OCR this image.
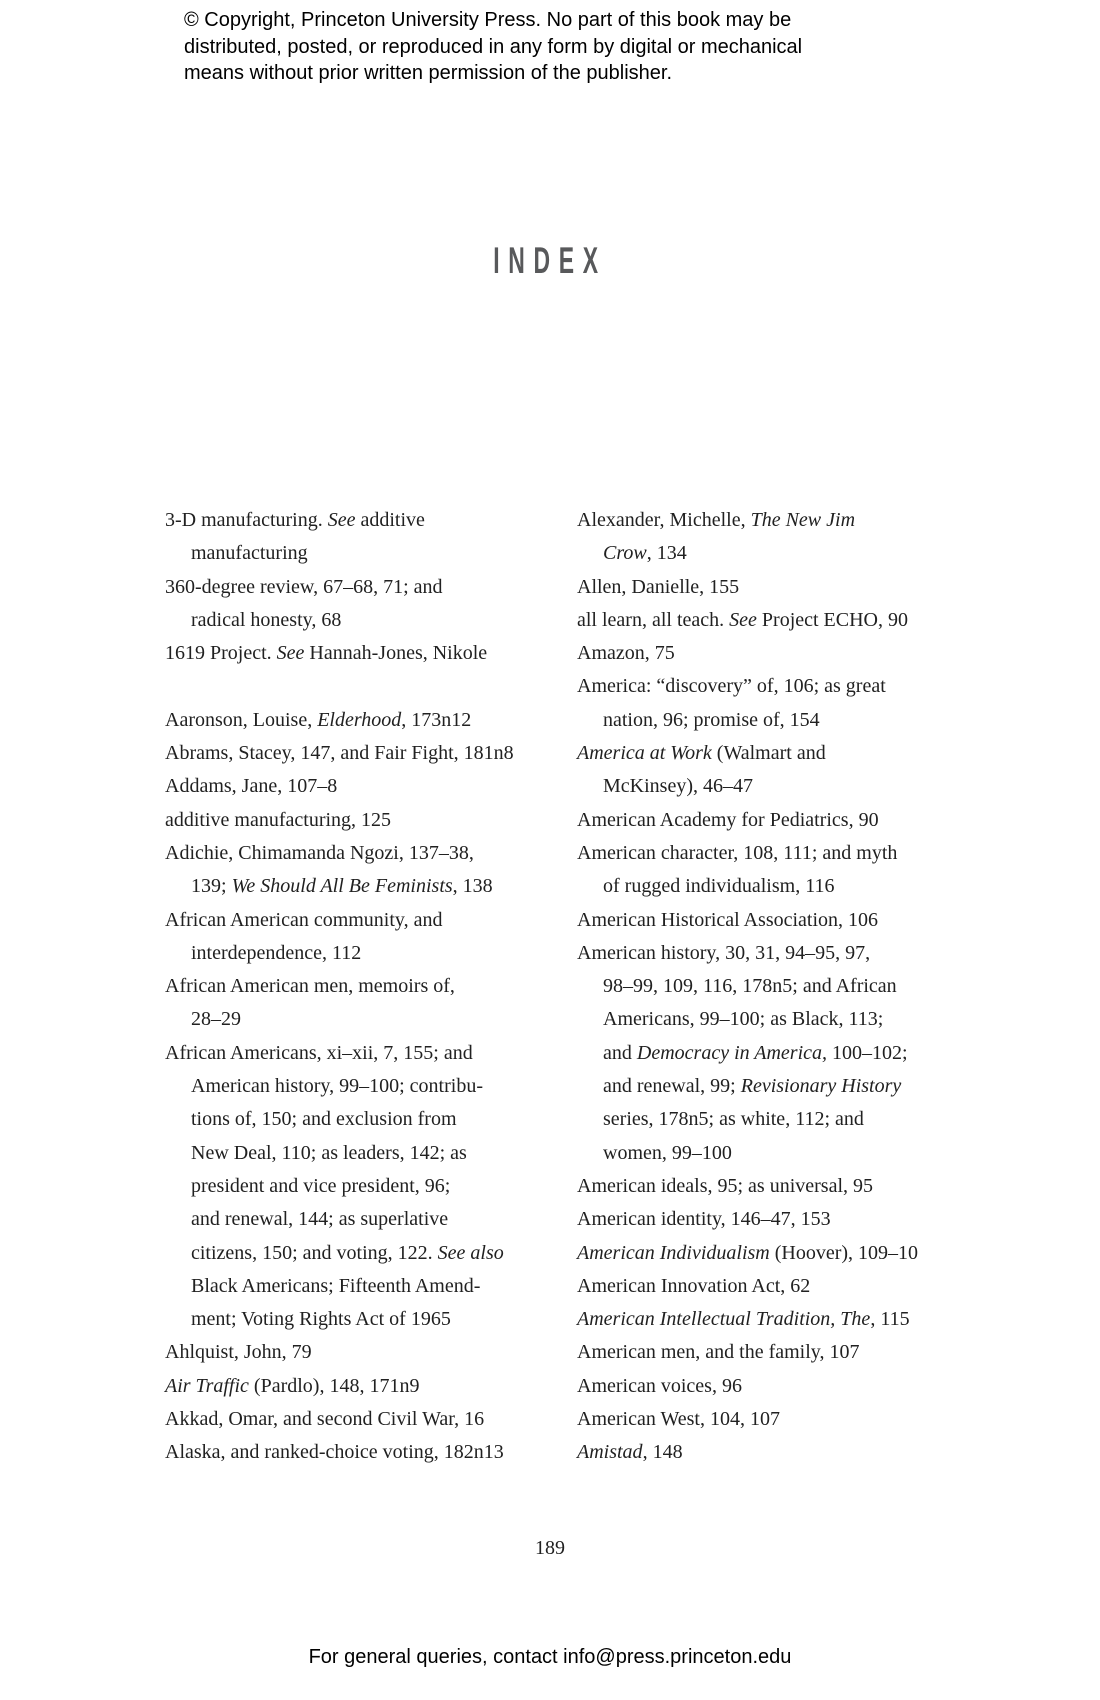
© Copyright, Princeton University Press. No part of this book may be
distributed, posted, or reproduced in any form by digital or mechanical
means without prior written permission of the publisher.
INDEX
3-D manufacturing. See additive
manufacturing
360-degree review, 67–68, 71; and
radical honesty, 68
1619 Project. See Hannah-Jones, Nikole

Aaronson, Louise, Elderhood, 173n12
Abrams, Stacey, 147, and Fair Fight, 181n8
Addams, Jane, 107–8
additive manufacturing, 125
Adichie, Chimamanda Ngozi, 137–38,
139; We Should All Be Feminists, 138
African American community, and
interdependence, 112
African American men, memoirs of,
28–29
African Americans, xi–xii, 7, 155; and
American history, 99–100; contribu-
tions of, 150; and exclusion from
New Deal, 110; as leaders, 142; as
president and vice president, 96;
and renewal, 144; as superlative
citizens, 150; and voting, 122. See also
Black Americans; Fifteenth Amend-
ment; Voting Rights Act of 1965
Ahlquist, John, 79
Air Traffic (Pardlo), 148, 171n9
Akkad, Omar, and second Civil War, 16
Alaska, and ranked-choice voting, 182n13
Alexander, Michelle, The New Jim
Crow, 134
Allen, Danielle, 155
all learn, all teach. See Project ECHO, 90
Amazon, 75
America: “discovery” of, 106; as great
nation, 96; promise of, 154
America at Work (Walmart and
McKinsey), 46–47
American Academy for Pediatrics, 90
American character, 108, 111; and myth
of rugged individualism, 116
American Historical Association, 106
American history, 30, 31, 94–95, 97,
98–99, 109, 116, 178n5; and African
Americans, 99–100; as Black, 113;
and Democracy in America, 100–102;
and renewal, 99; Revisionary History
series, 178n5; as white, 112; and
women, 99–100
American ideals, 95; as universal, 95
American identity, 146–47, 153
American Individualism (Hoover), 109–10
American Innovation Act, 62
American Intellectual Tradition, The, 115
American men, and the family, 107
American voices, 96
American West, 104, 107
Amistad, 148
189
For general queries, contact info@press.princeton.edu
